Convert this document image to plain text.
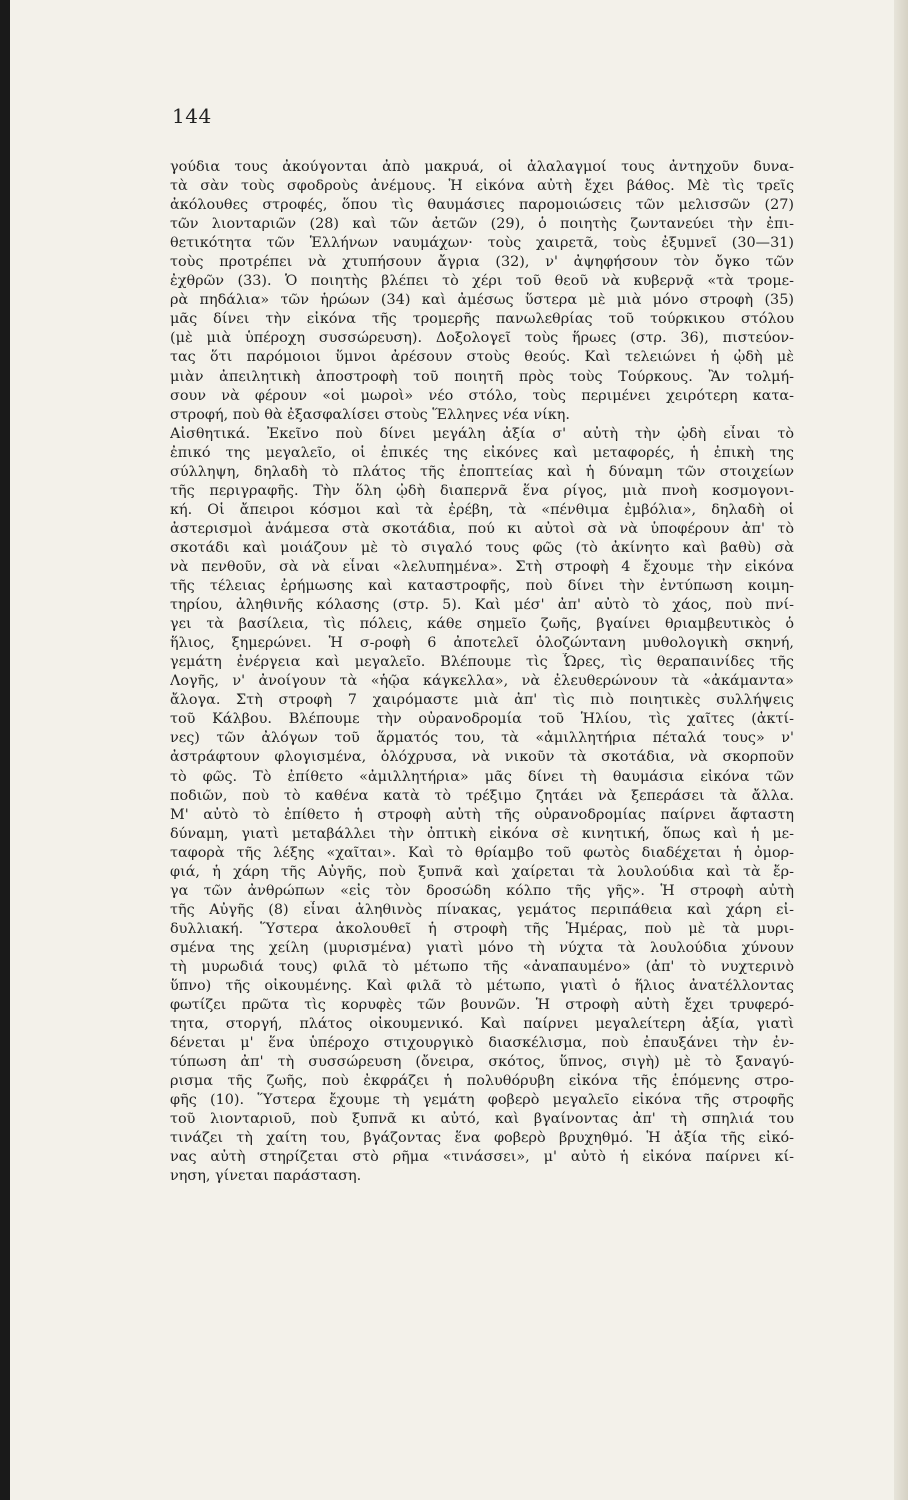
144
γούδια τους ἀκούγονται ἀπὸ μακρυά, οἱ ἀλαλαγμοί τους ἀντηχοῦν δυνα-
τὰ σὰν τοὺς σφοδροὺς ἀνέμους. Ἡ εἰκόνα αὐτὴ ἔχει βάθος. Μὲ τὶς τρεῖς
ἀκόλουθες στροφές, ὅπου τὶς θαυμάσιες παρομοιώσεις τῶν μελισσῶν (27)
τῶν λιονταριῶν (28) καὶ τῶν ἀετῶν (29), ὁ ποιητὴς ζωντανεύει τὴν ἐπι-
θετικότητα τῶν Ἑλλήνων ναυμάχων· τοὺς χαιρετᾶ, τοὺς ἐξυμνεῖ (30—31)
τοὺς προτρέπει νὰ χτυπήσουν ἄγρια (32), ν' ἀψηφήσουν τὸν ὄγκο τῶν
ἐχθρῶν (33). Ὁ ποιητὴς βλέπει τὸ χέρι τοῦ θεοῦ νὰ κυβερνᾷ «τὰ τρομε-
ρὰ πηδάλια» τῶν ἡρώων (34) καὶ ἀμέσως ὕστερα μὲ μιὰ μόνο στροφὴ (35)
μᾶς δίνει τὴν εἰκόνα τῆς τρομερῆς πανωλεθρίας τοῦ τούρκικου στόλου
(μὲ μιὰ ὑπέροχη συσσώρευση). Δοξολογεῖ τοὺς ἥρωες (στρ. 36), πιστεύον-
τας ὅτι παρόμοιοι ὕμνοι ἀρέσουν στοὺς θεούς. Καὶ τελειώνει ἡ ᾠδὴ μὲ
μιὰν ἀπειλητικὴ ἀποστροφὴ τοῦ ποιητῆ πρὸς τοὺς Τούρκους. Ἂν τολμή-
σουν νὰ φέρουν «οἱ μωροὶ» νέο στόλο, τοὺς περιμένει χειρότερη κατα-
στροφή, ποὺ θὰ ἐξασφαλίσει στοὺς Ἕλληνες νέα νίκη.
Αἰσθητικά. Ἐκεῖνο ποὺ δίνει μεγάλη ἀξία σ' αὐτὴ τὴν ᾠδὴ εἶναι τὸ
ἐπικό της μεγαλεῖο, οἱ ἐπικές της εἰκόνες καὶ μεταφορές, ἡ ἐπικὴ της
σύλληψη, δηλαδὴ τὸ πλάτος τῆς ἐποπτείας καὶ ἡ δύναμη τῶν στοιχείων
τῆς περιγραφῆς. Τὴν ὅλη ᾠδὴ διαπερνᾶ ἕνα ρίγος, μιὰ πνοὴ κοσμογονι-
κή. Οἱ ἄπειροι κόσμοι καὶ τὰ ἐρέβη, τὰ «πένθιμα ἐμβόλια», δηλαδὴ οἱ
ἀστερισμοὶ ἀνάμεσα στὰ σκοτάδια, πού κι αὐτοὶ σὰ νὰ ὑποφέρουν ἀπ' τὸ
σκοτάδι καὶ μοιάζουν μὲ τὸ σιγαλό τους φῶς (τὸ ἀκίνητο καὶ βαθὺ) σὰ
νὰ πενθοῦν, σὰ νὰ εἶναι «λελυπημένα». Στὴ στροφὴ 4 ἔχουμε τὴν εἰκόνα
τῆς τέλειας ἐρήμωσης καὶ καταστροφῆς, ποὺ δίνει τὴν ἐντύπωση κοιμη-
τηρίου, ἀληθινῆς κόλασης (στρ. 5). Καὶ μέσ' ἀπ' αὐτὸ τὸ χάος, ποὺ πνί-
γει τὰ βασίλεια, τὶς πόλεις, κάθε σημεῖο ζωῆς, βγαίνει θριαμβευτικὸς ὁ
ἥλιος, ξημερώνει. Ἡ σ-ροφὴ 6 ἀποτελεῖ ὁλοζώντανη μυθολογικὴ σκηνή,
γεμάτη ἐνέργεια καὶ μεγαλεῖο. Βλέπουμε τὶς Ὧρες, τὶς θεραπαινίδες τῆς
Λογῆς, ν' ἀνοίγουν τὰ «ἡῷα κάγκελλα», νὰ ἐλευθερώνουν τὰ «ἀκάμαντα»
ἄλογα. Στὴ στροφὴ 7 χαιρόμαστε μιὰ ἀπ' τὶς πιὸ ποιητικὲς συλλήψεις
τοῦ Κάλβου. Βλέπουμε τὴν οὐρανοδρομία τοῦ Ἡλίου, τὶς χαῖτες (ἀκτί-
νες) τῶν ἀλόγων τοῦ ἅρματός του, τὰ «ἀμιλλητήρια πέταλά τους» ν'
ἀστράφτουν φλογισμένα, ὁλόχρυσα, νὰ νικοῦν τὰ σκοτάδια, νὰ σκορποῦν
τὸ φῶς. Τὸ ἐπίθετο «ἀμιλλητήρια» μᾶς δίνει τὴ θαυμάσια εἰκόνα τῶν
ποδιῶν, ποὺ τὸ καθένα κατὰ τὸ τρέξιμο ζητάει νὰ ξεπεράσει τὰ ἄλλα.
Μ' αὐτὸ τὸ ἐπίθετο ἡ στροφὴ αὐτὴ τῆς οὐρανοδρομίας παίρνει ἄφταστη
δύναμη, γιατὶ μεταβάλλει τὴν ὀπτικὴ εἰκόνα σὲ κινητική, ὅπως καὶ ἡ με-
ταφορὰ τῆς λέξης «χαῖται». Καὶ τὸ θρίαμβο τοῦ φωτὸς διαδέχεται ἡ ὀμορ-
φιά, ἡ χάρη τῆς Αὐγῆς, ποὺ ξυπνᾶ καὶ χαίρεται τὰ λουλούδια καὶ τὰ ἔρ-
γα τῶν ἀνθρώπων «εἰς τὸν δροσώδη κόλπο τῆς γῆς». Ἡ στροφὴ αὐτὴ
τῆς Αὐγῆς (8) εἶναι ἀληθινὸς πίνακας, γεμάτος περιπάθεια καὶ χάρη εἰ-
δυλλιακή. Ὕστερα ἀκολουθεῖ ἡ στροφὴ τῆς Ἡμέρας, ποὺ μὲ τὰ μυρι-
σμένα της χείλη (μυρισμένα) γιατὶ μόνο τὴ νύχτα τὰ λουλούδια χύνουν
τὴ μυρωδιά τους) φιλᾶ τὸ μέτωπο τῆς «ἀναπαυμένο» (ἀπ' τὸ νυχτερινὸ
ὕπνο) τῆς οἰκουμένης. Καὶ φιλᾶ τὸ μέτωπο, γιατὶ ὁ ἥλιος ἀνατέλλοντας
φωτίζει πρῶτα τὶς κορυφὲς τῶν βουνῶν. Ἡ στροφὴ αὐτὴ ἔχει τρυφερό-
τητα, στοργή, πλάτος οἰκουμενικό. Καὶ παίρνει μεγαλείτερη ἀξία, γιατὶ
δένεται μ' ἕνα ὑπέροχο στιχουργικὸ διασκέλισμα, ποὺ ἐπαυξάνει τὴν ἐν-
τύπωση ἀπ' τὴ συσσώρευση (ὄνειρα, σκότος, ὕπνος, σιγὴ) μὲ τὸ ξαναγύ-
ρισμα τῆς ζωῆς, ποὺ ἐκφράζει ἡ πολυθόρυβη εἰκόνα τῆς ἑπόμενης στρο-
φῆς (10). Ὕστερα ἔχουμε τὴ γεμάτη φοβερὸ μεγαλεῖο εἰκόνα τῆς στροφῆς
τοῦ λιονταριοῦ, ποὺ ξυπνᾶ κι αὐτό, καὶ βγαίνοντας ἀπ' τὴ σπηλιά του
τινάζει τὴ χαίτη του, βγάζοντας ἕνα φοβερὸ βρυχηθμό. Ἡ ἀξία τῆς εἰκό-
νας αὐτὴ στηρίζεται στὸ ρῆμα «τινάσσει», μ' αὐτὸ ἡ εἰκόνα παίρνει κί-
νηση, γίνεται παράσταση.
